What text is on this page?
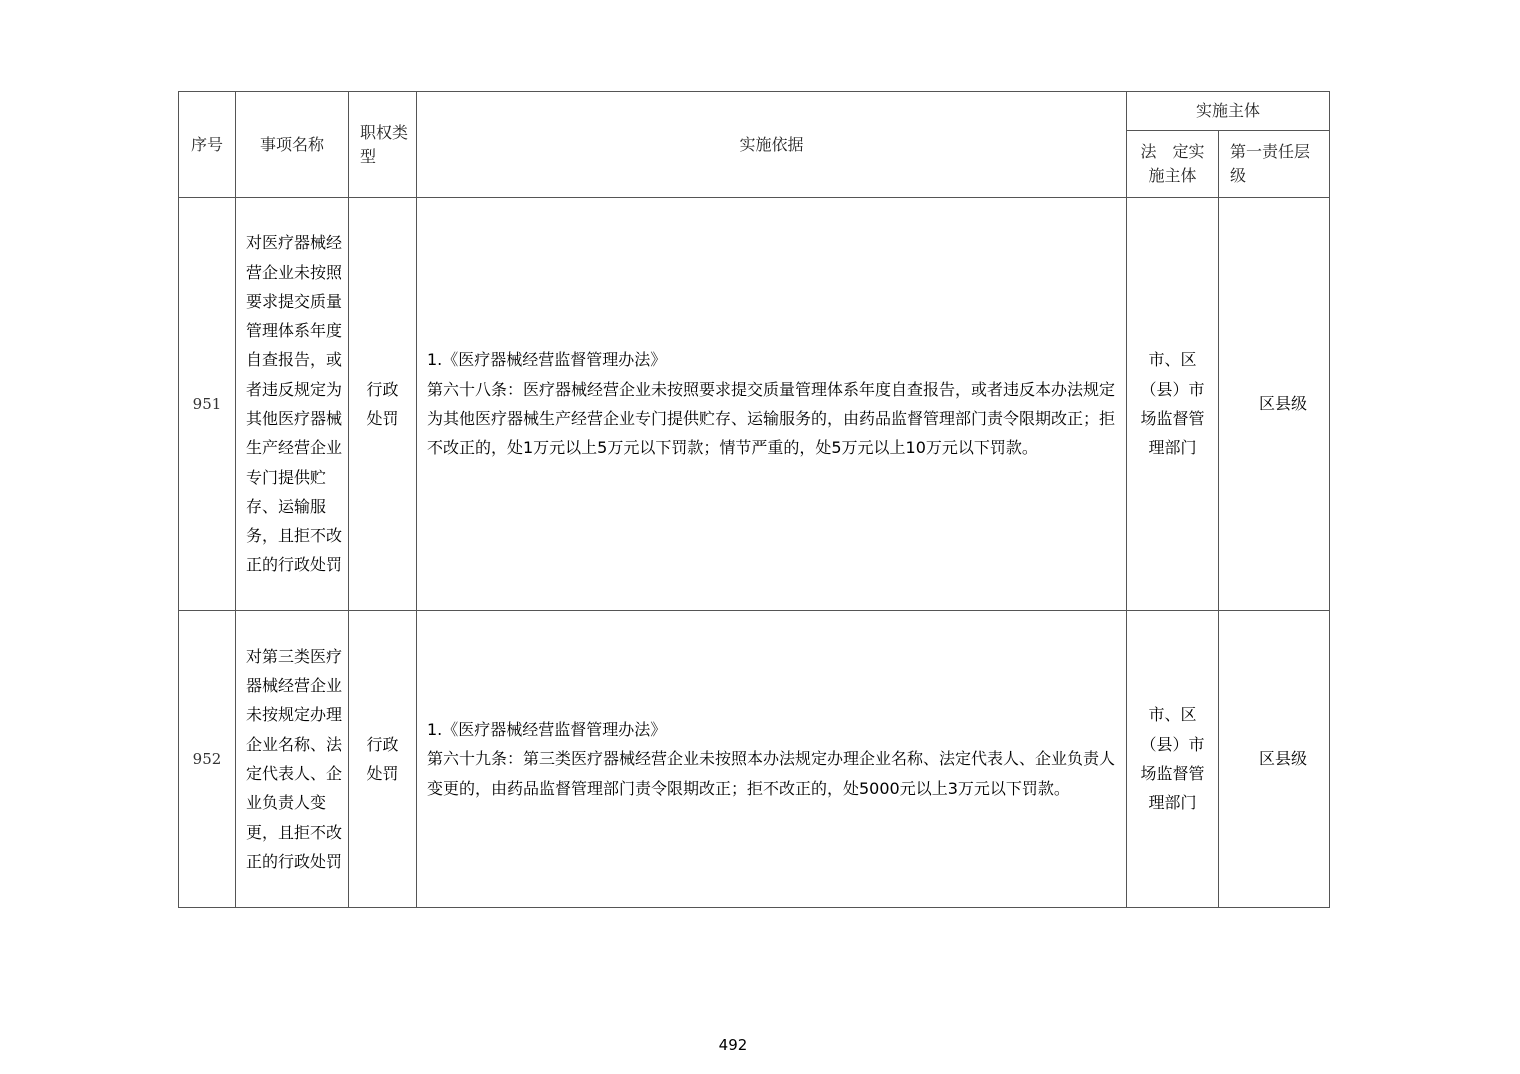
序号	事项名称	职权类型	实施依据	实施主体	
				法　定实施主体	第一责任层级
951	对医疗器械经营企业未按照要求提交质量管理体系年度自查报告，或者违反规定为其他医疗器械生产经营企业专门提供贮存、运输服务，且拒不改正的行政处罚	行政处罚	1.《医疗器械经营监督管理办法》
第六十八条：医疗器械经营企业未按照要求提交质量管理体系年度自查报告，或者违反本办法规定为其他医疗器械生产经营企业专门提供贮存、运输服务的，由药品监督管理部门责令限期改正；拒不改正的，处1万元以上5万元以下罚款；情节严重的，处5万元以上10万元以下罚款。	市、区（县）市场监督管理部门	区县级
952	对第三类医疗器械经营企业未按规定办理企业名称、法定代表人、企业负责人变更，且拒不改正的行政处罚	行政处罚	1.《医疗器械经营监督管理办法》
第六十九条：第三类医疗器械经营企业未按照本办法规定办理企业名称、法定代表人、企业负责人变更的，由药品监督管理部门责令限期改正；拒不改正的，处5000元以上3万元以下罚款。	市、区（县）市场监督管理部门	区县级
492
